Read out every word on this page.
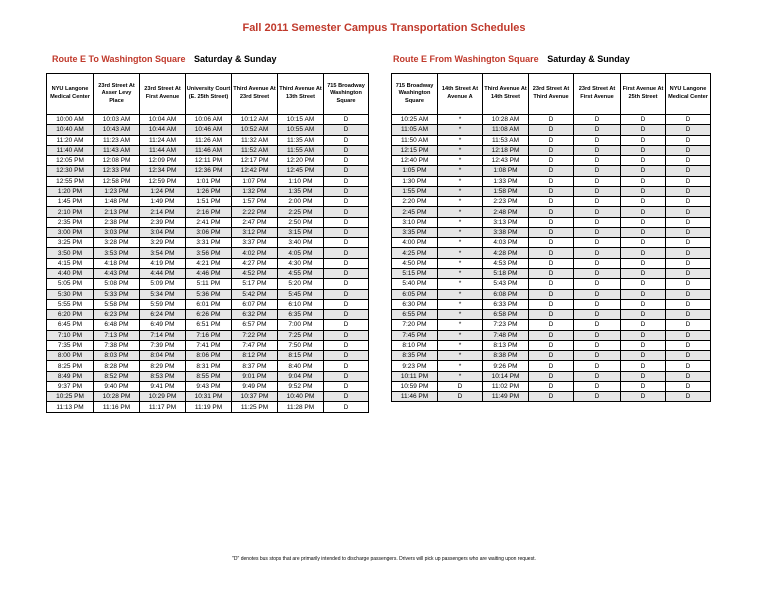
Fall 2011 Semester Campus Transportation Schedules
Route E To Washington Square Saturday & Sunday	Route E From Washington Square Saturday & Sunday
NYU Langone Medical Center	23rd Street At Asser Levy Place	23rd Street At First Avenue	University Court (E. 25th Street)	Third Avenue At 23rd Street	Third Avenue At 13th Street	715 Broadway Washington Square
10:00 AM	10:03 AM	10:04 AM	10:06 AM	10:12 AM	10:15 AM	D
10:40 AM	10:43 AM	10:44 AM	10:46 AM	10:52 AM	10:55 AM	D
11:20 AM	11:23 AM	11:24 AM	11:26 AM	11:32 AM	11:35 AM	D
11:40 AM	11:43 AM	11:44 AM	11:46 AM	11:52 AM	11:55 AM	D
12:05 PM	12:08 PM	12:09 PM	12:11 PM	12:17 PM	12:20 PM	D
12:30 PM	12:33 PM	12:34 PM	12:36 PM	12:42 PM	12:45 PM	D
12:55 PM	12:58 PM	12:59 PM	1:01 PM	1:07 PM	1:10 PM	D
1:20 PM	1:23 PM	1:24 PM	1:26 PM	1:32 PM	1:35 PM	D
1:45 PM	1:48 PM	1:49 PM	1:51 PM	1:57 PM	2:00 PM	D
2:10 PM	2:13 PM	2:14 PM	2:16 PM	2:22 PM	2:25 PM	D
2:35 PM	2:38 PM	2:39 PM	2:41 PM	2:47 PM	2:50 PM	D
3:00 PM	3:03 PM	3:04 PM	3:06 PM	3:12 PM	3:15 PM	D
3:25 PM	3:28 PM	3:29 PM	3:31 PM	3:37 PM	3:40 PM	D
3:50 PM	3:53 PM	3:54 PM	3:56 PM	4:02 PM	4:05 PM	D
4:15 PM	4:18 PM	4:19 PM	4:21 PM	4:27 PM	4:30 PM	D
4:40 PM	4:43 PM	4:44 PM	4:46 PM	4:52 PM	4:55 PM	D
5:05 PM	5:08 PM	5:09 PM	5:11 PM	5:17 PM	5:20 PM	D
5:30 PM	5:33 PM	5:34 PM	5:36 PM	5:42 PM	5:45 PM	D
5:55 PM	5:58 PM	5:59 PM	6:01 PM	6:07 PM	6:10 PM	D
6:20 PM	6:23 PM	6:24 PM	6:26 PM	6:32 PM	6:35 PM	D
6:45 PM	6:48 PM	6:49 PM	6:51 PM	6:57 PM	7:00 PM	D
7:10 PM	7:13 PM	7:14 PM	7:16 PM	7:22 PM	7:25 PM	D
7:35 PM	7:38 PM	7:39 PM	7:41 PM	7:47 PM	7:50 PM	D
8:00 PM	8:03 PM	8:04 PM	8:06 PM	8:12 PM	8:15 PM	D
8:25 PM	8:28 PM	8:29 PM	8:31 PM	8:37 PM	8:40 PM	D
8:49 PM	8:52 PM	8:53 PM	8:55 PM	9:01 PM	9:04 PM	D
9:37 PM	9:40 PM	9:41 PM	9:43 PM	9:49 PM	9:52 PM	D
10:25 PM	10:28 PM	10:29 PM	10:31 PM	10:37 PM	10:40 PM	D
11:13 PM	11:16 PM	11:17 PM	11:19 PM	11:25 PM	11:28 PM	D
715 Broadway Washington Square	14th Street At Avenue A	Third Avenue At 14th Street	23rd Street At Third Avenue	23rd Street At First Avenue	First Avenue At 25th Street	NYU Langone Medical Center
10:25 AM	*	10:28 AM	D	D	D	D
11:05 AM	*	11:08 AM	D	D	D	D
11:50 AM	*	11:53 AM	D	D	D	D
12:15 PM	*	12:18 PM	D	D	D	D
12:40 PM	*	12:43 PM	D	D	D	D
1:05 PM	*	1:08 PM	D	D	D	D
1:30 PM	*	1:33 PM	D	D	D	D
1:55 PM	*	1:58 PM	D	D	D	D
2:20 PM	*	2:23 PM	D	D	D	D
2:45 PM	*	2:48 PM	D	D	D	D
3:10 PM	*	3:13 PM	D	D	D	D
3:35 PM	*	3:38 PM	D	D	D	D
4:00 PM	*	4:03 PM	D	D	D	D
4:25 PM	*	4:28 PM	D	D	D	D
4:50 PM	*	4:53 PM	D	D	D	D
5:15 PM	*	5:18 PM	D	D	D	D
5:40 PM	*	5:43 PM	D	D	D	D
6:05 PM	*	6:08 PM	D	D	D	D
6:30 PM	*	6:33 PM	D	D	D	D
6:55 PM	*	6:58 PM	D	D	D	D
7:20 PM	*	7:23 PM	D	D	D	D
7:45 PM	*	7:48 PM	D	D	D	D
8:10 PM	*	8:13 PM	D	D	D	D
8:35 PM	*	8:38 PM	D	D	D	D
9:23 PM	*	9:26 PM	D	D	D	D
10:11 PM	*	10:14 PM	D	D	D	D
10:59 PM	D	11:02 PM	D	D	D	D
11:46 PM	D	11:49 PM	D	D	D	D
"D" denotes bus stops that are primarily intended to discharge passengers. Drivers will pick up passengers who are waiting upon request.
